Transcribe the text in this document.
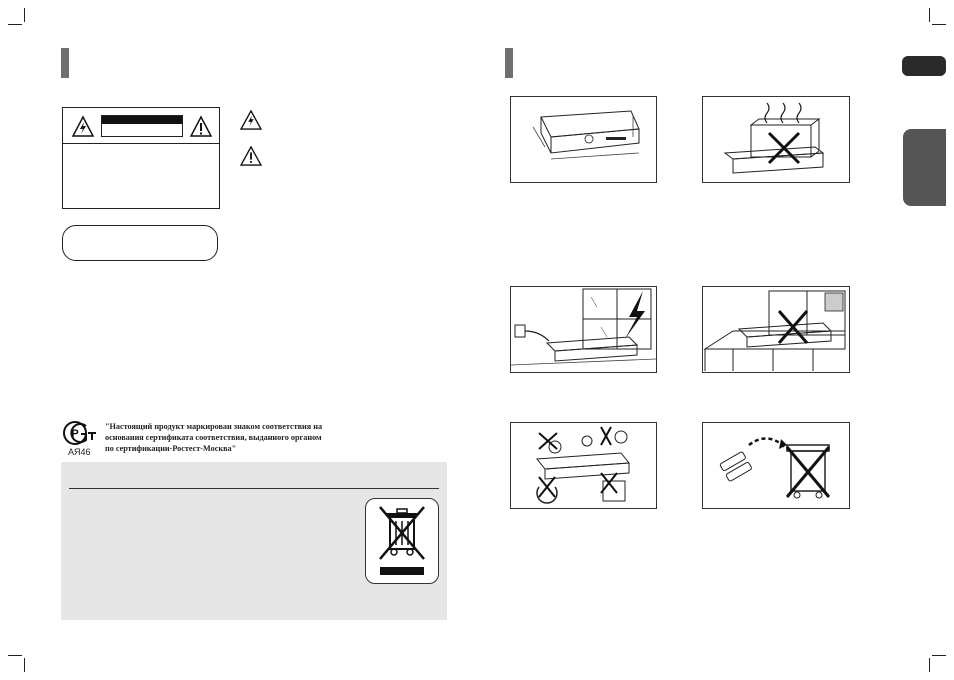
Р
АЯ46
"Настоящий продукт маркирован знаком соответствия на
основания сертификата соответствия, выданного органом
по сертификации-Ростест-Москва"
